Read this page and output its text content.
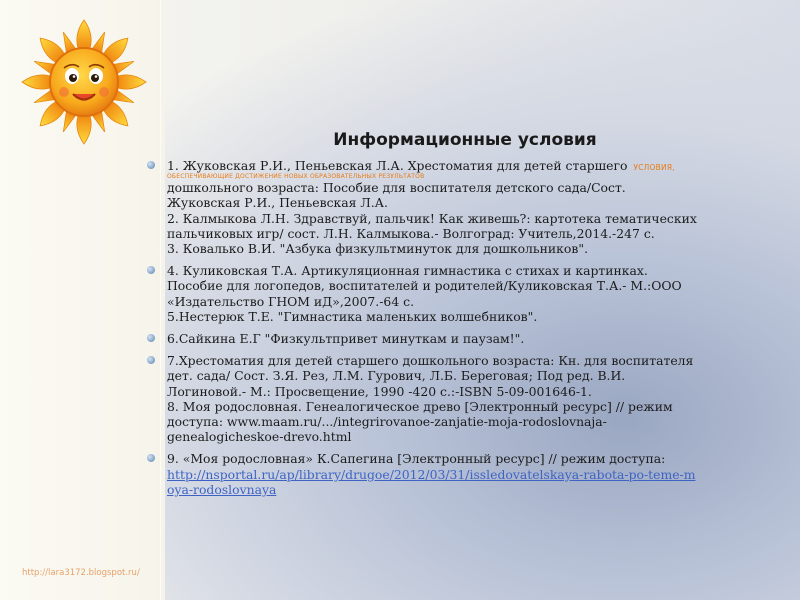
Информационные условия
1. Жуковская Р.И., Пеньевская Л.А. Хрестоматия для детей старшего УСЛОВИЯ,
ОБЕСПЕЧИВАЮЩИЕ ДОСТИЖЕНИЕ НОВЫХ ОБРАЗОВАТЕЛЬНЫХ РЕЗУЛЬТАТОВ
дошкольного возраста: Пособие для воспитателя детского сада/Сост.
Жуковская Р.И., Пеньевская Л.А.
2. Калмыкова Л.Н. Здравствуй, пальчик! Как живешь?: картотека тематических
пальчиковых игр/ сост. Л.Н. Калмыкова.- Волгоград: Учитель,2014.-247 с.
3. Ковалько В.И. "Азбука физкультминуток для дошкольников".
4. Куликовская Т.А. Артикуляционная гимнастика с стихах и картинках.
Пособие для логопедов, воспитателей и родителей/Куликовская Т.А.- М.:ООО
«Издательство ГНОМ иД»,2007.-64 с.
5.Нестерюк Т.Е. "Гимнастика маленьких волшебников".
6.Сайкина Е.Г "Физкультпривет минуткам и паузам!".
7.Хрестоматия для детей старшего дошкольного возраста: Кн. для воспитателя
дет. сада/ Сост. З.Я. Рез, Л.М. Гурович, Л.Б. Береговая; Под ред. В.И.
Логиновой.- М.: Просвещение, 1990 -420 с.:-ISBN 5-09-001646-1.
8. Моя родословная. Генеалогическое древо [Электронный ресурс] // режим
доступа: www.maam.ru/.../integrirovanoe-zanjatie-moja-rodoslovnaja-
genealogicheskoe-drevo.html
9. «Моя родословная» К.Сапегина [Электронный ресурс] // режим доступа:
http://nsportal.ru/ap/library/drugoe/2012/03/31/issledovatelskaya-rabota-po-teme-m
oya-rodoslovnaya
http://lara3172.blogspot.ru/
